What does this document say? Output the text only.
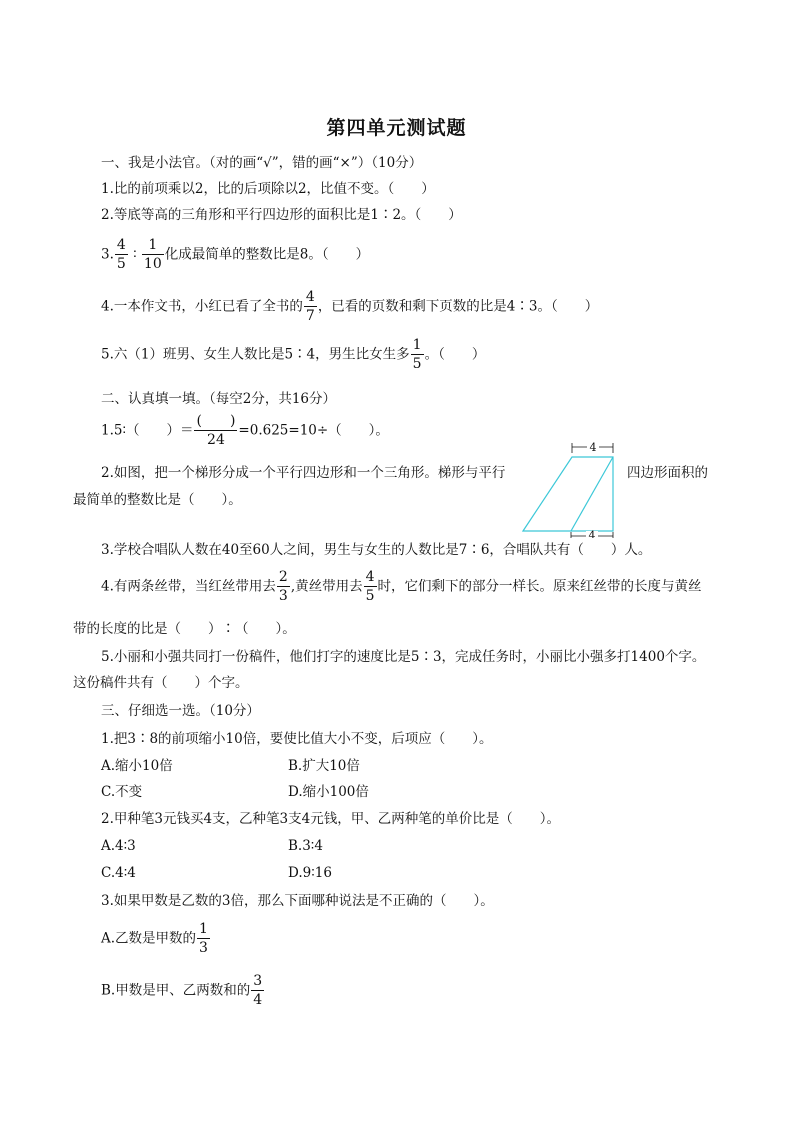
第四单元测试题
一、我是小法官。（对的画“√”，错的画“×”）（10分）
1.比的前项乘以2，比的后项除以2，比值不变。（　　）
2.等底等高的三角形和平行四边形的面积比是1∶2。（　　）
3. $\frac{4}{5}$ ∶ $\frac{1}{10}$ 化成最简单的整数比是8。（　　）
4.一本作文书，小红已看了全书的 $\frac{4}{7}$ ，已看的页数和剩下页数的比是4∶3。（　　）
5.六（1）班男、女生人数比是5∶4，男生比女生多 $\frac{1}{5}$ 。（　　）
二、认真填一填。（每空2分，共16分）
1.5∶（　　）＝ $\frac{( )}{24} =0.625=10\div$（　　）。
2.如图，把一个梯形分成一个平行四边形和一个三角形。梯形与平行	四边形面积的
最简单的整数比是（　　）。
4
4
3.学校合唱队人数在40至60人之间，男生与女生的人数比是7∶6，合唱队共有（　　）人。
4.有两条丝带，当红丝带用去 $\frac{2}{3}$ ,黄丝带用去 $\frac{4}{5}$ 时，它们剩下的部分一样长。原来红丝带的长度与黄丝
带的长度的比是（　　）∶（　　）。
5.小丽和小强共同打一份稿件，他们打字的速度比是5∶3，完成任务时，小丽比小强多打1400个字。
这份稿件共有（　　）个字。
三、仔细选一选。（10分）
1.把3∶8的前项缩小10倍，要使比值大小不变，后项应（　　）。
A.缩小10倍	B.扩大10倍
C.不变	D.缩小100倍
2.甲种笔3元钱买4支，乙种笔3支4元钱，甲、乙两种笔的单价比是（　　）。
A.4∶3	B.3∶4
C.4∶4	D.9∶16
3.如果甲数是乙数的3倍，那么下面哪种说法是不正确的（　　）。
A.乙数是甲数的 $\frac{1}{3}$
B.甲数是甲、乙两数和的 $\frac{3}{4}$
